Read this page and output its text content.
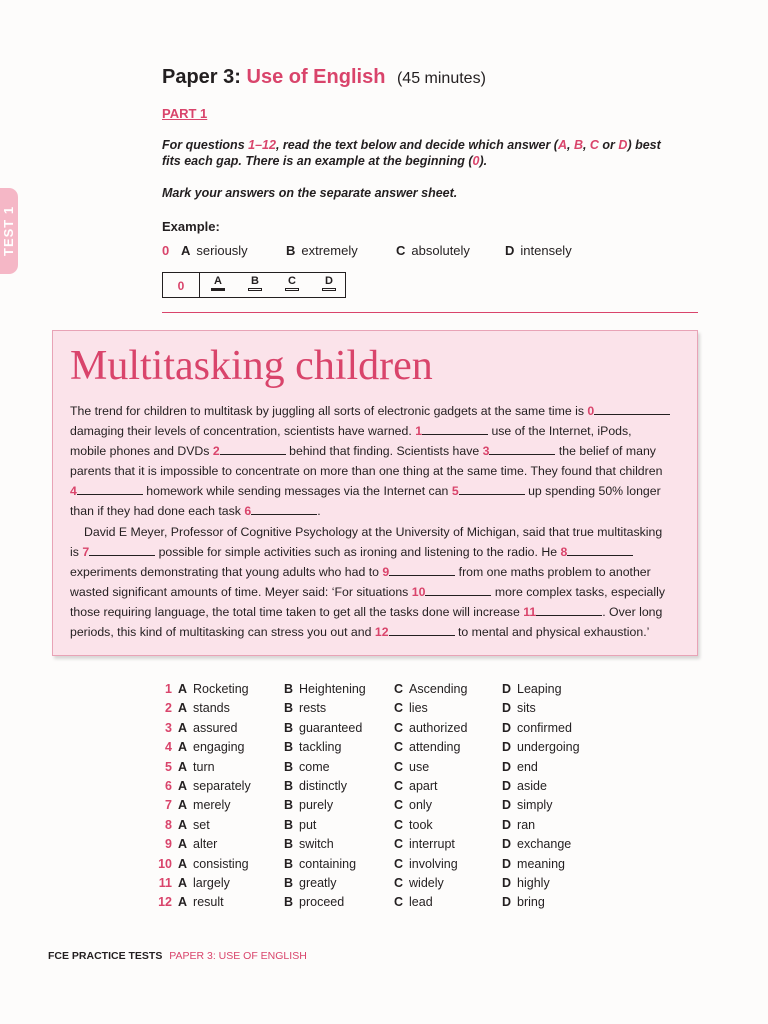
TEST 1
Paper 3: Use of English (45 minutes)
PART 1
For questions 1–12, read the text below and decide which answer (A, B, C or D) best fits each gap. There is an example at the beginning (0).
Mark your answers on the separate answer sheet.
Example:
0 A seriously	B extremely	C absolutely	D intensely
0	A	B	C	D
Multitasking children
The trend for children to multitask by juggling all sorts of electronic gadgets at the same time is 0
damaging their levels of concentration, scientists have warned. 1	use of the Internet, iPods,
mobile phones and DVDs 2	behind that finding. Scientists have 3	the belief of many
parents that it is impossible to concentrate on more than one thing at the same time. They found that children
4	homework while sending messages via the Internet can 5	up spending 50% longer
than if they had done each task 6	.
David E Meyer, Professor of Cognitive Psychology at the University of Michigan, said that true multitasking
is 7	possible for simple activities such as ironing and listening to the radio. He 8
experiments demonstrating that young adults who had to 9	from one maths problem to another
wasted significant amounts of time. Meyer said: ‘For situations 10	more complex tasks, especially
those requiring language, the total time taken to get all the tasks done will increase 11	. Over long
periods, this kind of multitasking can stress you out and 12	to mental and physical exhaustion.’
1 A Rocketing	B Heightening C Ascending	D Leaping
2 A stands	B rests	C lies	D sits
3 A assured	B guaranteed	C authorized	D confirmed
4 A engaging	B tackling	C attending	D undergoing
5 A turn	B come	C use	D end
6 A separately	B distinctly	C apart	D aside
7 A merely	B purely	C only	D simply
8 A set	B put	C took	D ran
9 A alter	B switch	C interrupt	D exchange
10 A consisting	B containing	C involving	D meaning
11 A largely	B greatly	C widely	D highly
12 A result	B proceed	C lead	D bring
FCE PRACTICE TESTS PAPER 3: USE OF ENGLISH
